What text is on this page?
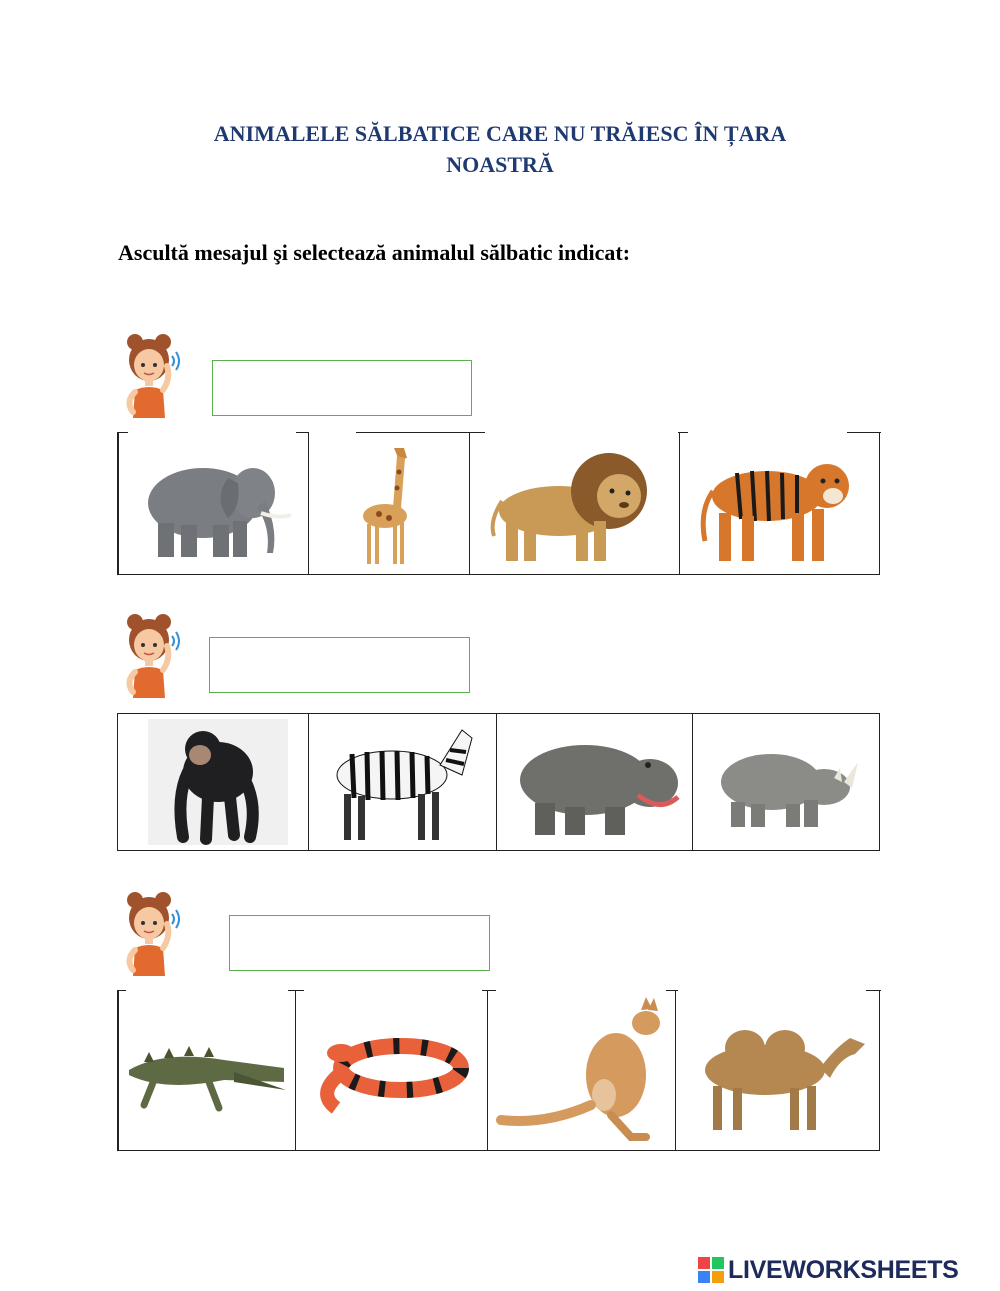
ANIMALELE SĂLBATICE CARE NU TRĂIESC ÎN ȚARA
NOASTRĂ

Ascultă mesajul şi selectează animalul sălbatic indicat:

LIVEWORKSHEETS
